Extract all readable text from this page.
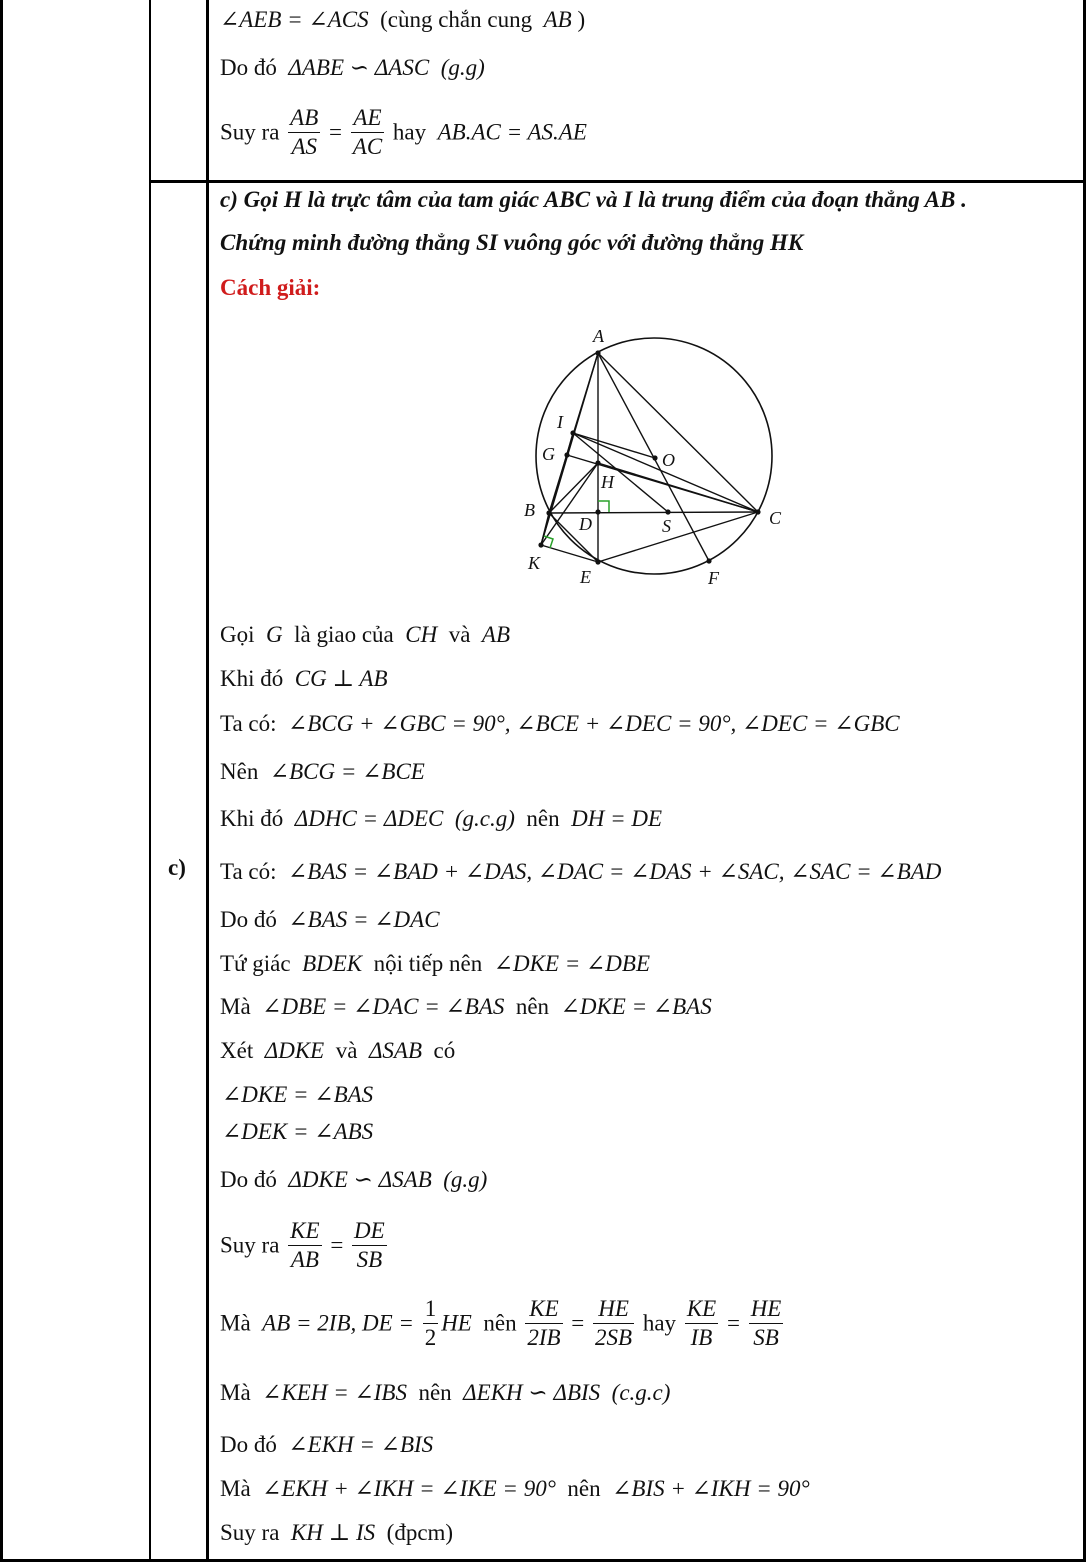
∠AEB = ∠ACS (cùng chắn cung AB )
Do đó ΔABE ∽ ΔASC (g.g)
Suy ra $\frac{AB}{AS} = \frac{AE}{AC}$ hay AB.AC = AS.AE
c)
c) Gọi H là trực tâm của tam giác ABC và I là trung điểm của đoạn thẳng AB .
Chứng minh đường thẳng SI vuông góc với đường thẳng HK
Cách giải:
A
I
G	O
H
B
D	S	C
K
E	F
Gọi G là giao của CH và AB
Khi đó CG ⊥ AB
Ta có: ∠BCG + ∠GBC = 90°, ∠BCE + ∠DEC = 90°, ∠DEC = ∠GBC
Nên ∠BCG = ∠BCE
Khi đó ΔDHC = ΔDEC (g.c.g) nên DH = DE
Ta có: ∠BAS = ∠BAD + ∠DAS, ∠DAC = ∠DAS + ∠SAC, ∠SAC = ∠BAD
Do đó ∠BAS = ∠DAC
Tứ giác BDEK nội tiếp nên ∠DKE = ∠DBE
Mà ∠DBE = ∠DAC = ∠BAS nên ∠DKE = ∠BAS
Xét ΔDKE và ΔSAB có
∠DKE = ∠BAS
∠DEK = ∠ABS
Do đó ΔDKE ∽ ΔSAB (g.g)
Suy ra $\frac{KE}{AB} = \frac{DE}{SB}$
Mà AB = 2IB, DE = $\frac{1}{2}$ HE nên $\frac{KE}{2IB} = \frac{HE}{2SB}$ hay $\frac{KE}{IB} = \frac{HE}{SB}$
Mà ∠KEH = ∠IBS nên ΔEKH ∽ ΔBIS (c.g.c)
Do đó ∠EKH = ∠BIS
Mà ∠EKH + ∠IKH = ∠IKE = 90° nên ∠BIS + ∠IKH = 90°
Suy ra KH ⊥ IS (đpcm)
